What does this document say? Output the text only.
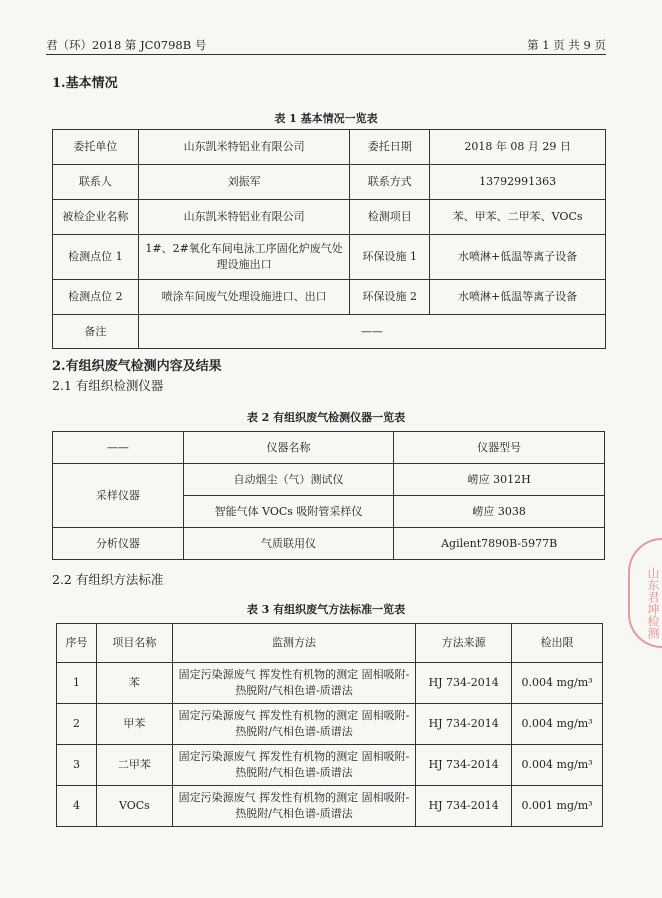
君（环）2018 第 JC0798B 号	第 1 页 共 9 页
1.基本情况
表 1 基本情况一览表
委托单位	山东凯米特铝业有限公司	委托日期	2018 年 08 月 29 日
联系人	刘振军	联系方式	13792991363
被检企业名称	山东凯米特铝业有限公司	检测项目	苯、甲苯、二甲苯、VOCs
检测点位 1	1#、2#氧化车间电泳工序固化炉废气处理设施出口	环保设施 1	水喷淋+低温等离子设备
检测点位 2	喷涂车间废气处理设施进口、出口	环保设施 2	水喷淋+低温等离子设备
备注	——		
2.有组织废气检测内容及结果
2.1 有组织检测仪器
表 2 有组织废气检测仪器一览表
——	仪器名称	仪器型号
采样仪器	自动烟尘（气）测试仪	崂应 3012H
	智能气体 VOCs 吸附管采样仪	崂应 3038
分析仪器	气质联用仪	Agilent7890B-5977B
2.2 有组织方法标准
表 3 有组织废气方法标准一览表
序号	项目名称	监测方法	方法来源	检出限
1	苯	固定污染源废气 挥发性有机物的测定 固相吸附-热脱附/气相色谱-质谱法	HJ 734-2014	0.004 mg/m³
2	甲苯	固定污染源废气 挥发性有机物的测定 固相吸附-热脱附/气相色谱-质谱法	HJ 734-2014	0.004 mg/m³
3	二甲苯	固定污染源废气 挥发性有机物的测定 固相吸附-热脱附/气相色谱-质谱法	HJ 734-2014	0.004 mg/m³
4	VOCs	固定污染源废气 挥发性有机物的测定 固相吸附-热脱附/气相色谱-质谱法	HJ 734-2014	0.001 mg/m³
山东君坤检测
